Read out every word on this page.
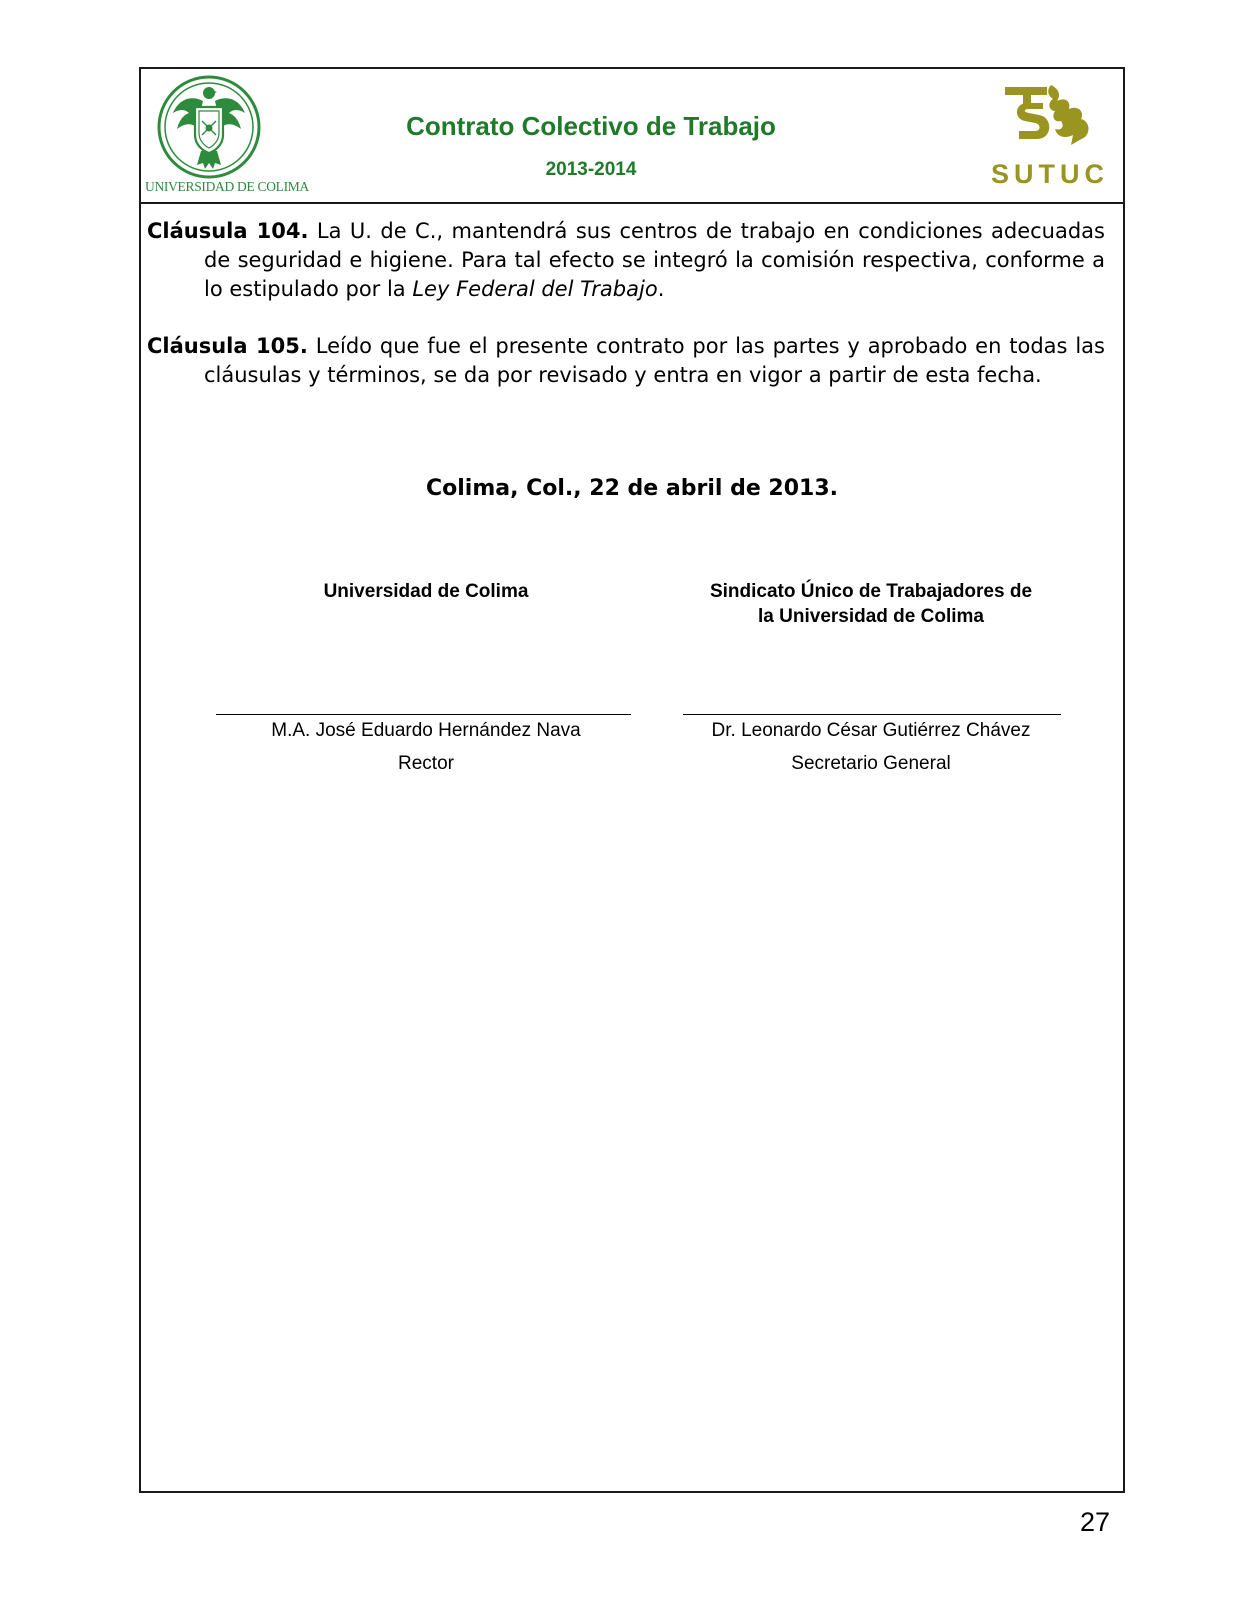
UNIVERSIDAD DE COLIMA
Contrato Colectivo de Trabajo
2013-2014	SUTUC

Cláusula 104. La U. de C., mantendrá sus centros de trabajo en condiciones adecuadas de seguridad e higiene. Para tal efecto se integró la comisión respectiva, conforme a lo estipulado por la Ley Federal del Trabajo.

Cláusula 105. Leído que fue el presente contrato por las partes y aprobado en todas las cláusulas y términos, se da por revisado y entra en vigor a partir de esta fecha.

Colima, Col., 22 de abril de 2013.
Universidad de Colima
M.A. José Eduardo Hernández Nava
Rector
Sindicato Único de Trabajadores de la Universidad de Colima
Dr. Leonardo César Gutiérrez Chávez
Secretario General
27
